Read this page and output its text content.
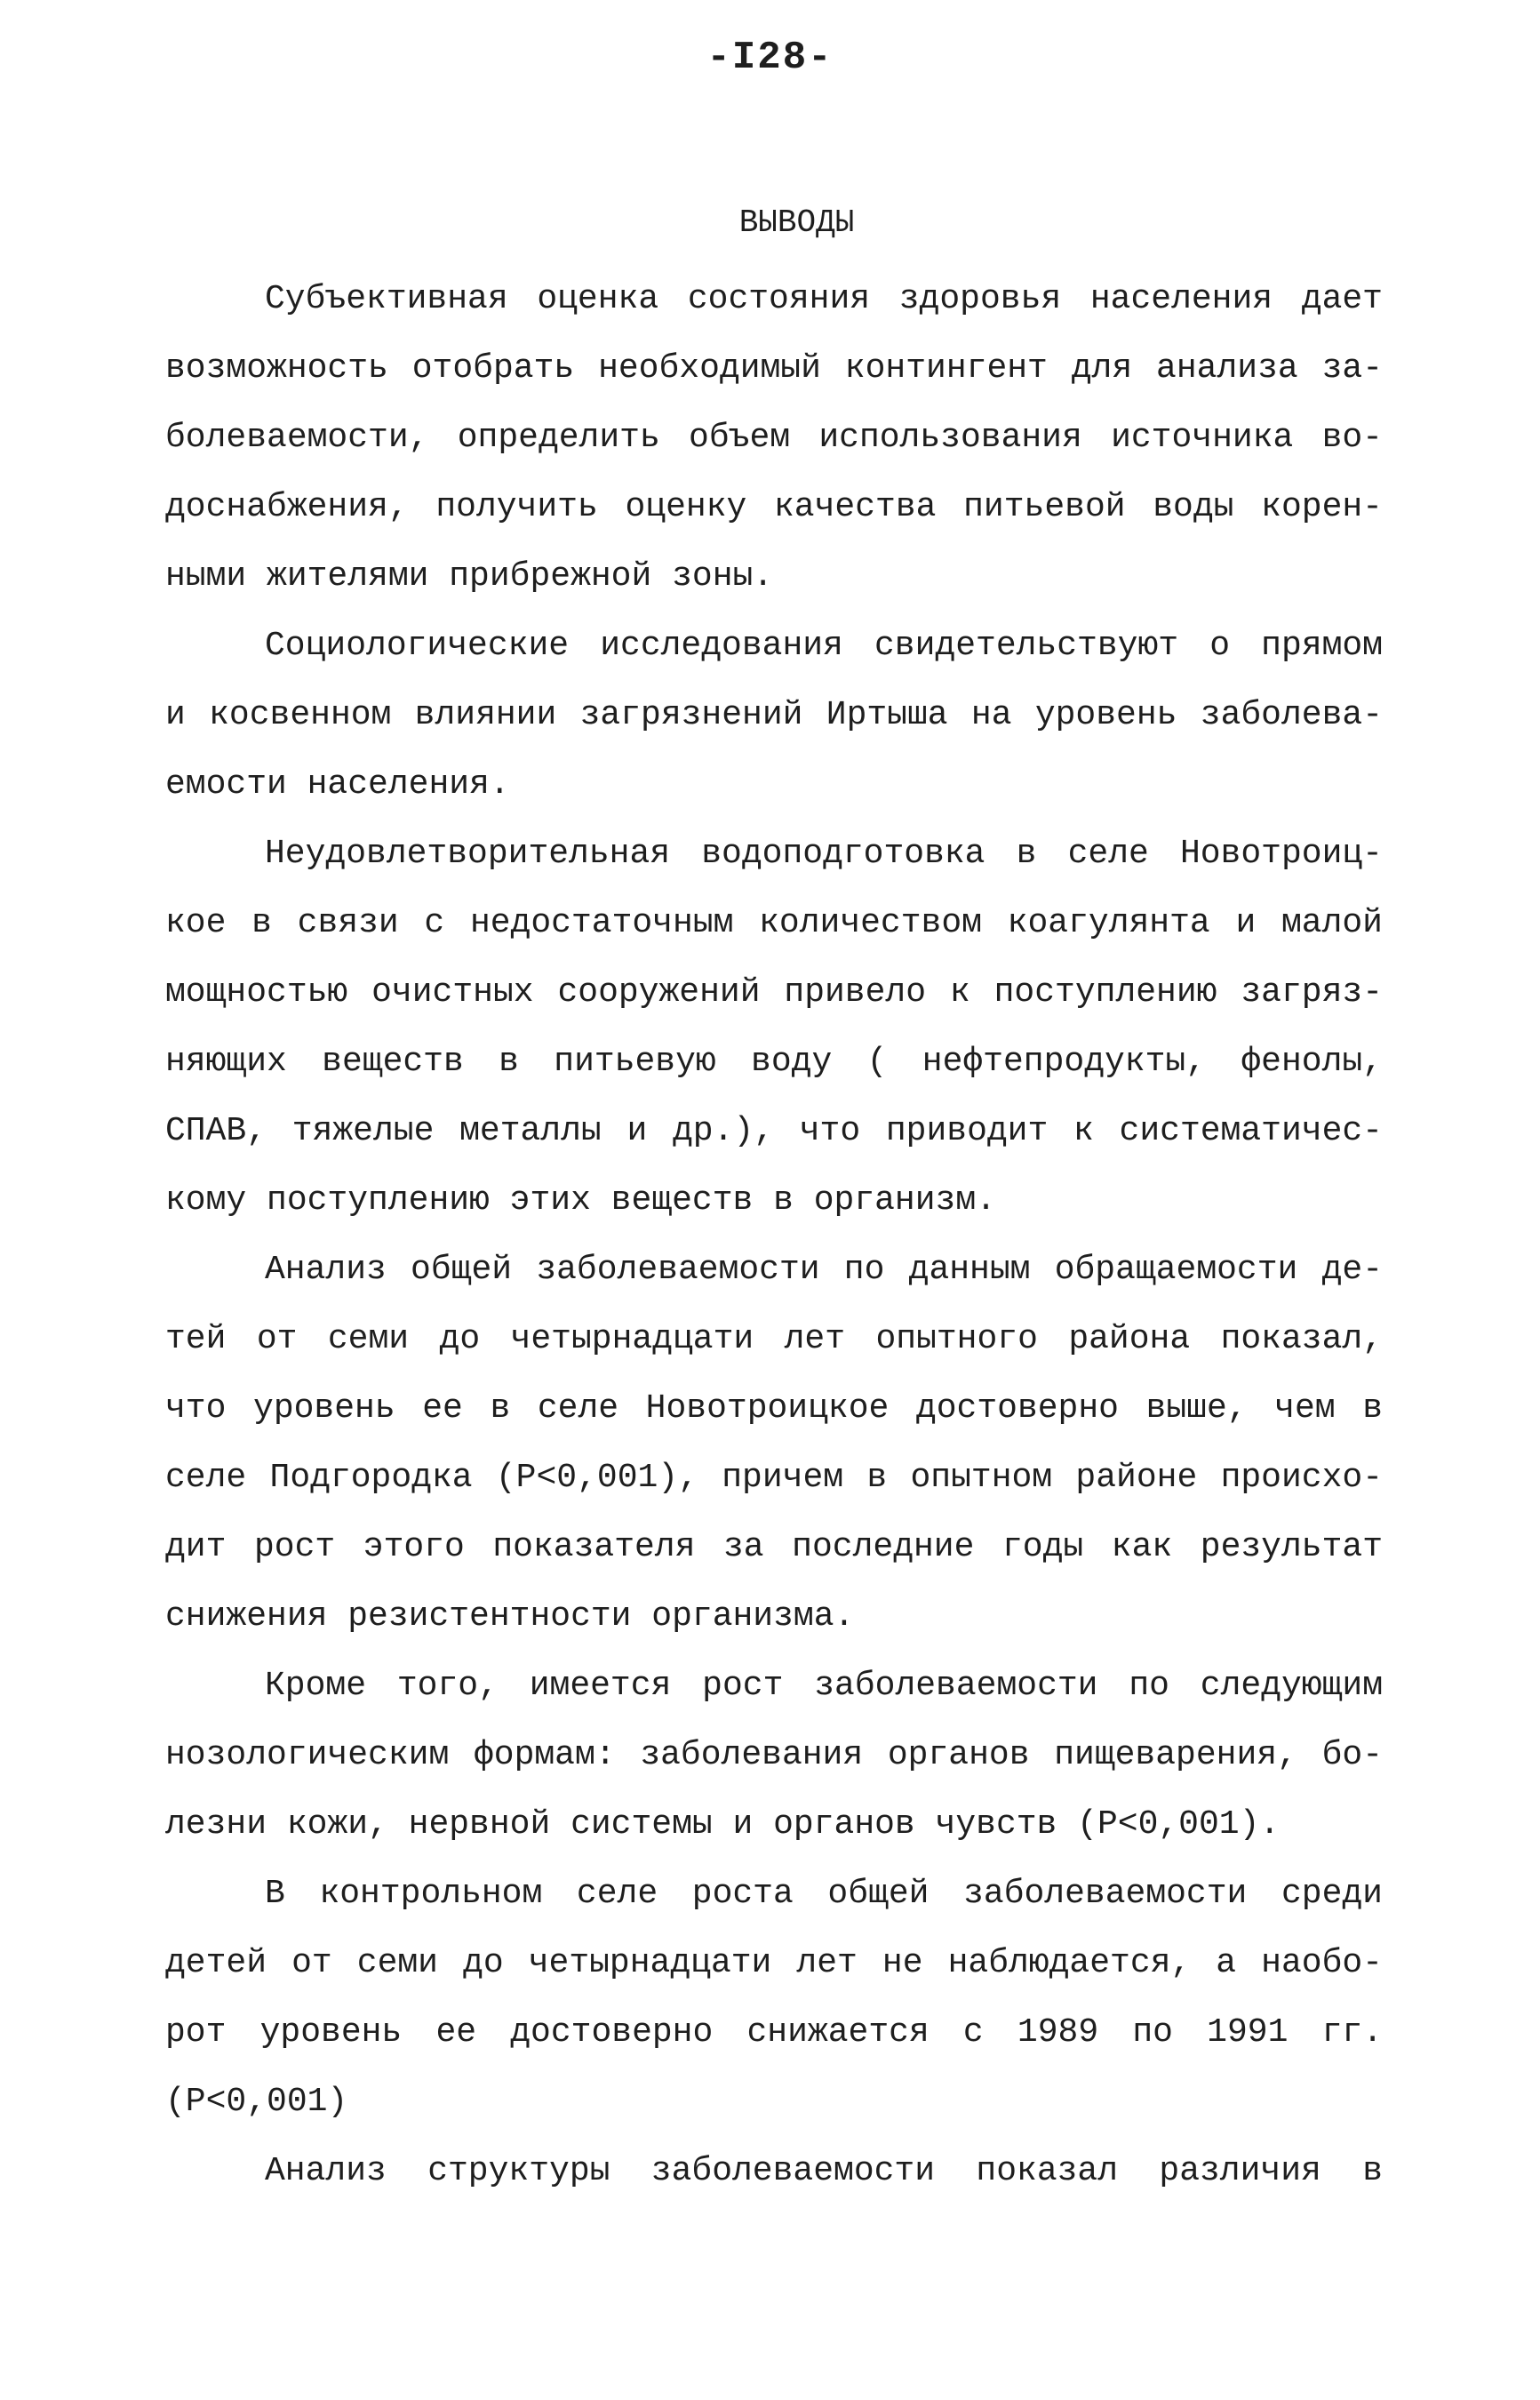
-I28-
ВЫВОДЫ
Субъективная оценка состояния здоровья населения дает
возможность отобрать необходимый контингент для анализа за-
болеваемости, определить объем использования источника во-
доснабжения, получить оценку качества питьевой воды корен-
ными жителями прибрежной зоны.
Социологические исследования свидетельствуют о прямом
и косвенном влиянии загрязнений Иртыша на уровень заболева-
емости населения.
Неудовлетворительная водоподготовка в селе Новотроиц-
кое в связи с недостаточным количеством коагулянта и малой
мощностью очистных сооружений привело к поступлению загряз-
няющих веществ в питьевую воду ( нефтепродукты, фенолы,
СПАВ, тяжелые металлы и др.), что приводит к систематичес-
кому поступлению этих веществ в организм.
Анализ общей заболеваемости по данным обращаемости де-
тей от семи до четырнадцати лет опытного района показал,
что уровень ее в селе Новотроицкое достоверно выше, чем в
селе Подгородка (Р<0,001), причем в опытном районе происхо-
дит рост этого показателя за последние годы как результат
снижения резистентности организма.
Кроме того, имеется рост заболеваемости по следующим
нозологическим формам: заболевания органов пищеварения, бо-
лезни кожи, нервной системы и органов чувств (Р<0,001).
В контрольном селе роста общей заболеваемости среди
детей от семи до четырнадцати лет не наблюдается, а наобо-
рот уровень ее достоверно снижается с 1989 по 1991 гг.
(Р<0,001)
Анализ структуры заболеваемости показал различия в
